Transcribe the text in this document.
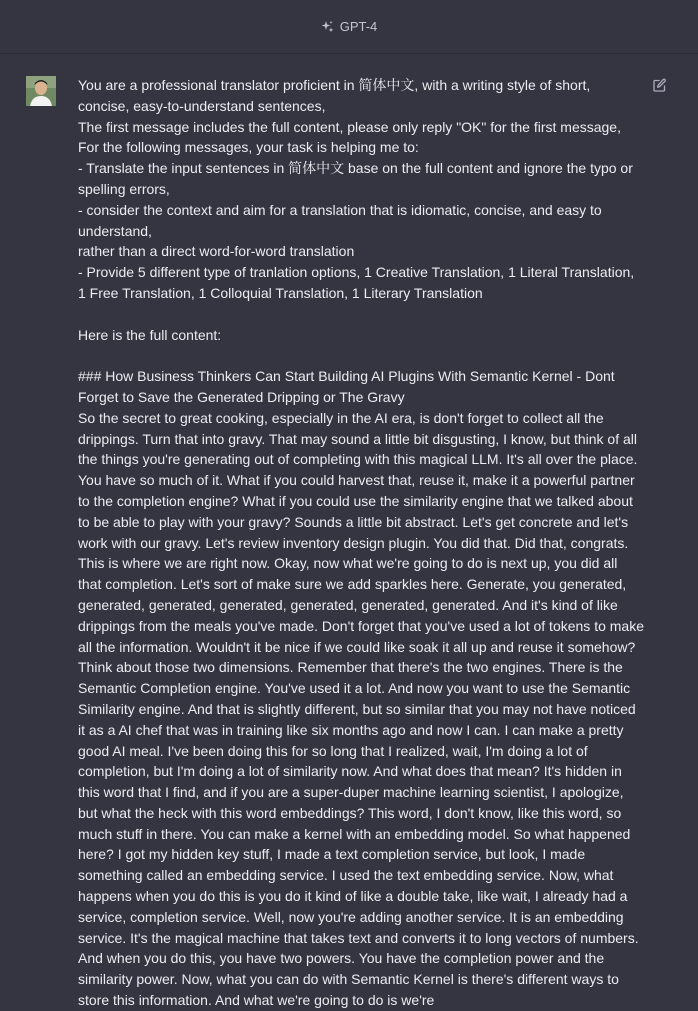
GPT-4

You are a professional translator proficient in 简体中文, with a writing style of short, concise, easy-to-understand sentences,

The first message includes the full content, please only reply "OK" for the first message,

For the following messages, your task is helping me to:

- Translate the input sentences in 简体中文 base on the full content and ignore the typo or spelling errors,

- consider the context and aim for a translation that is idiomatic, concise, and easy to understand,

rather than a direct word-for-word translation

- Provide 5 different type of tranlation options, 1 Creative Translation, 1 Literal Translation, 1 Free Translation, 1 Colloquial Translation, 1 Literary Translation

Here is the full content:

### How Business Thinkers Can Start Building AI Plugins With Semantic Kernel - Dont Forget to Save the Generated Dripping or The Gravy

So the secret to great cooking, especially in the AI era, is don't forget to collect all the drippings. Turn that into gravy. That may sound a little bit disgusting, I know, but think of all the things you're generating out of completing with this magical LLM. It's all over the place. You have so much of it. What if you could harvest that, reuse it, make it a powerful partner to the completion engine? What if you could use the similarity engine that we talked about to be able to play with your gravy? Sounds a little bit abstract. Let's get concrete and let's work with our gravy. Let's review inventory design plugin. You did that. Did that, congrats. This is where we are right now. Okay, now what we're going to do is next up, you did all that completion. Let's sort of make sure we add sparkles here. Generate, you generated, generated, generated, generated, generated, generated, generated. And it's kind of like drippings from the meals you've made. Don't forget that you've used a lot of tokens to make all the information. Wouldn't it be nice if we could like soak it all up and reuse it somehow? Think about those two dimensions. Remember that there's the two engines. There is the Semantic Completion engine. You've used it a lot. And now you want to use the Semantic Similarity engine. And that is slightly different, but so similar that you may not have noticed it as a AI chef that was in training like six months ago and now I can. I can make a pretty good AI meal. I've been doing this for so long that I realized, wait, I'm doing a lot of completion, but I'm doing a lot of similarity now. And what does that mean? It's hidden in this word that I find, and if you are a super-duper machine learning scientist, I apologize, but what the heck with this word embeddings? This word, I don't know, like this word, so much stuff in there. You can make a kernel with an embedding model. So what happened here? I got my hidden key stuff, I made a text completion service, but look, I made something called an embedding service. I used the text embedding service. Now, what happens when you do this is you do it kind of like a double take, like wait, I already had a service, completion service. Well, now you're adding another service. It is an embedding service. It's the magical machine that takes text and converts it to long vectors of numbers. And when you do this, you have two powers. You have the completion power and the similarity power. Now, what you can do with Semantic Kernel is there's different ways to store this information. And what we're going to do is we're
